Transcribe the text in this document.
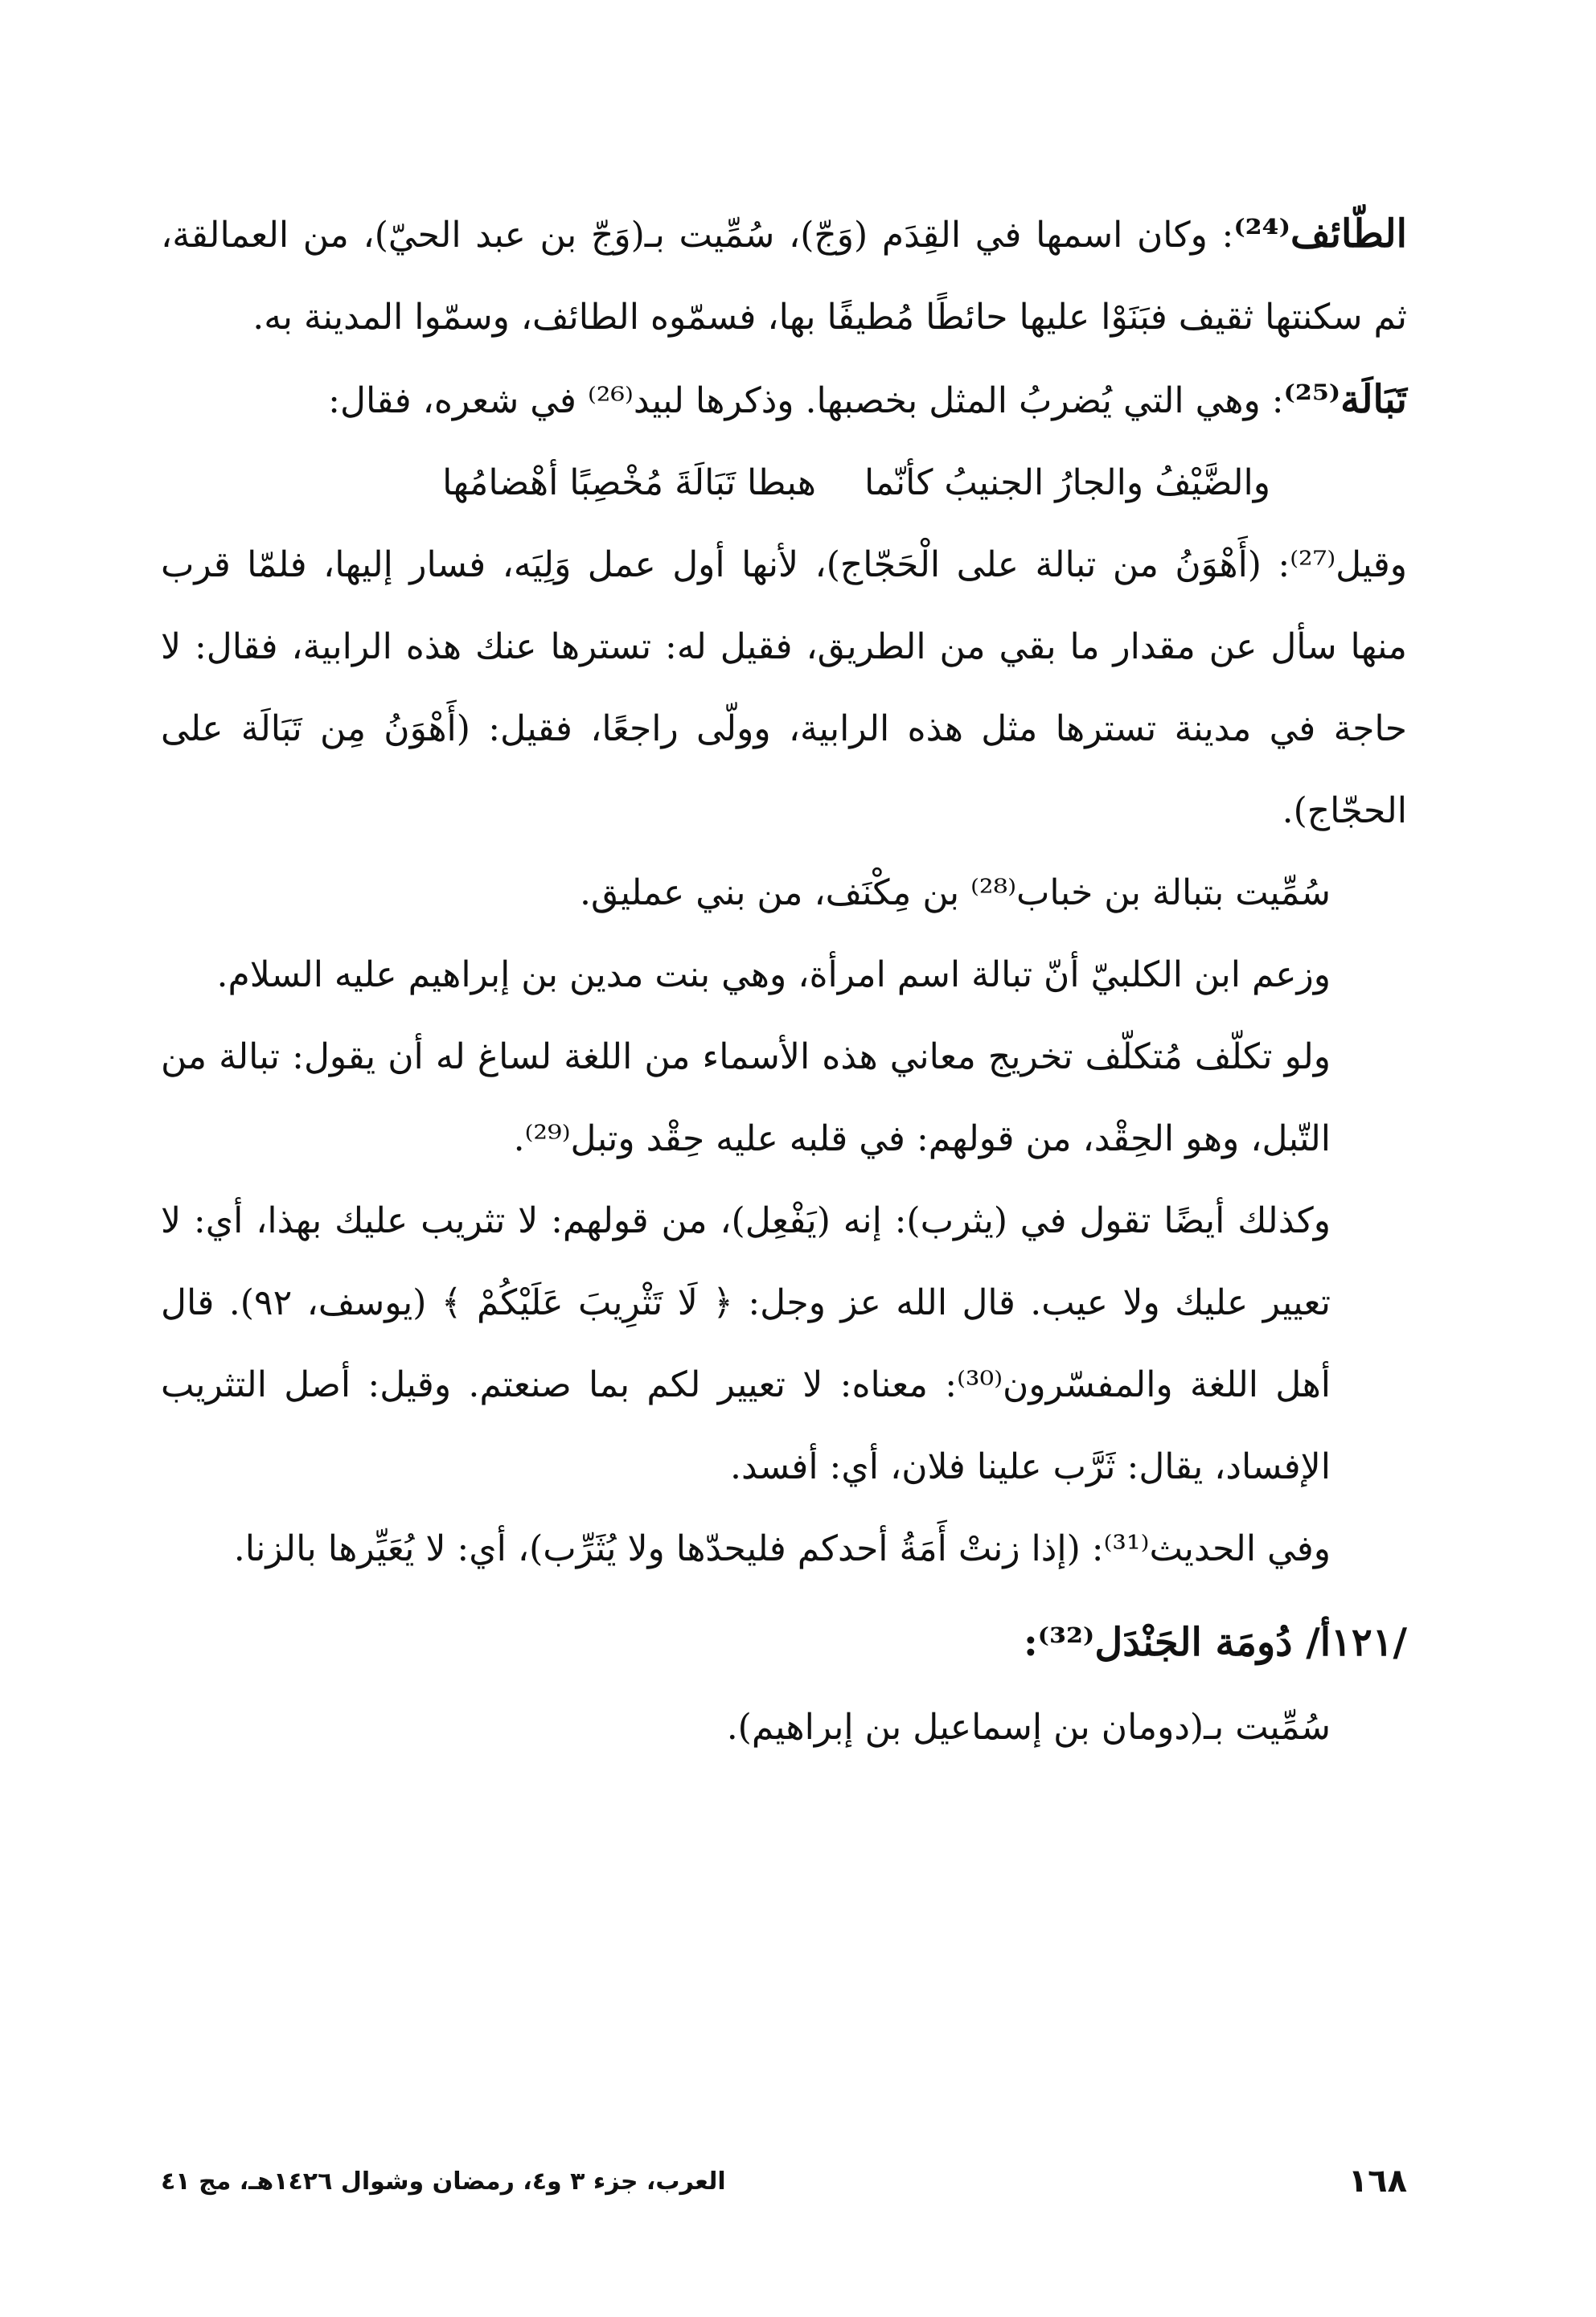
الطّائف⁽²⁴⁾: وكان اسمها في القِدَم (وَجّ)، سُمِّيت بـ(وَجّ بن عبد الحيّ)، من العمالقة، ثم سكنتها ثقيف فبَنَوْا عليها حائطًا مُطيفًا بها، فسمّوه الطائف، وسمّوا المدينة به.

تَبَالَة⁽²⁵⁾: وهي التي يُضربُ المثل بخصبها. وذكرها لبيد⁽²⁶⁾ في شعره، فقال:

والضَّيْفُ والجارُ الجنيبُ كأنّماهبطا تَبَالَةَ مُخْصِبًا أهْضامُها

وقيل⁽²⁷⁾: (أَهْوَنُ من تبالة على الْحَجّاج)، لأنها أول عمل وَلِيَه، فسار إليها، فلمّا قرب منها سأل عن مقدار ما بقي من الطريق، فقيل له: تسترها عنك هذه الرابية، فقال: لا حاجة في مدينة تسترها مثل هذه الرابية، وولّى راجعًا، فقيل: (أَهْوَنُ مِن تَبَالَة على الحجّاج).

سُمِّيت بتبالة بن خباب⁽²⁸⁾ بن مِكْنَف، من بني عمليق.

وزعم ابن الكلبيّ أنّ تبالة اسم امرأة، وهي بنت مدين بن إبراهيم عليه السلام.

ولو تكلّف مُتكلّف تخريج معاني هذه الأسماء من اللغة لساغ له أن يقول: تبالة من التّبل، وهو الحِقْد، من قولهم: في قلبه عليه حِقْد وتبل⁽²⁹⁾.

وكذلك أيضًا تقول في (يثرب): إنه (يَفْعِل)، من قولهم: لا تثريب عليك بهذا، أي: لا تعيير عليك ولا عيب. قال الله عز وجل: ﴿ لَا تَثْرِيبَ عَلَيْكُمْ ﴾ (يوسف، ٩٢). قال أهل اللغة والمفسّرون⁽³⁰⁾: معناه: لا تعيير لكم بما صنعتم. وقيل: أصل التثريب الإفساد، يقال: ثَرَّب علينا فلان، أي: أفسد.

وفي الحديث⁽³¹⁾: (إذا زنتْ أَمَةُ أحدكم فليحدّها ولا يُثَرِّب)، أي: لا يُعَيِّرها بالزنا.

/١٢١أ/ دُومَة الجَنْدَل⁽³²⁾:

سُمِّيت بـ(دومان بن إسماعيل بن إبراهيم).

١٦٨
العرب، جزء ٣ و٤، رمضان وشوال ١٤٢٦هـ، مج ٤١
